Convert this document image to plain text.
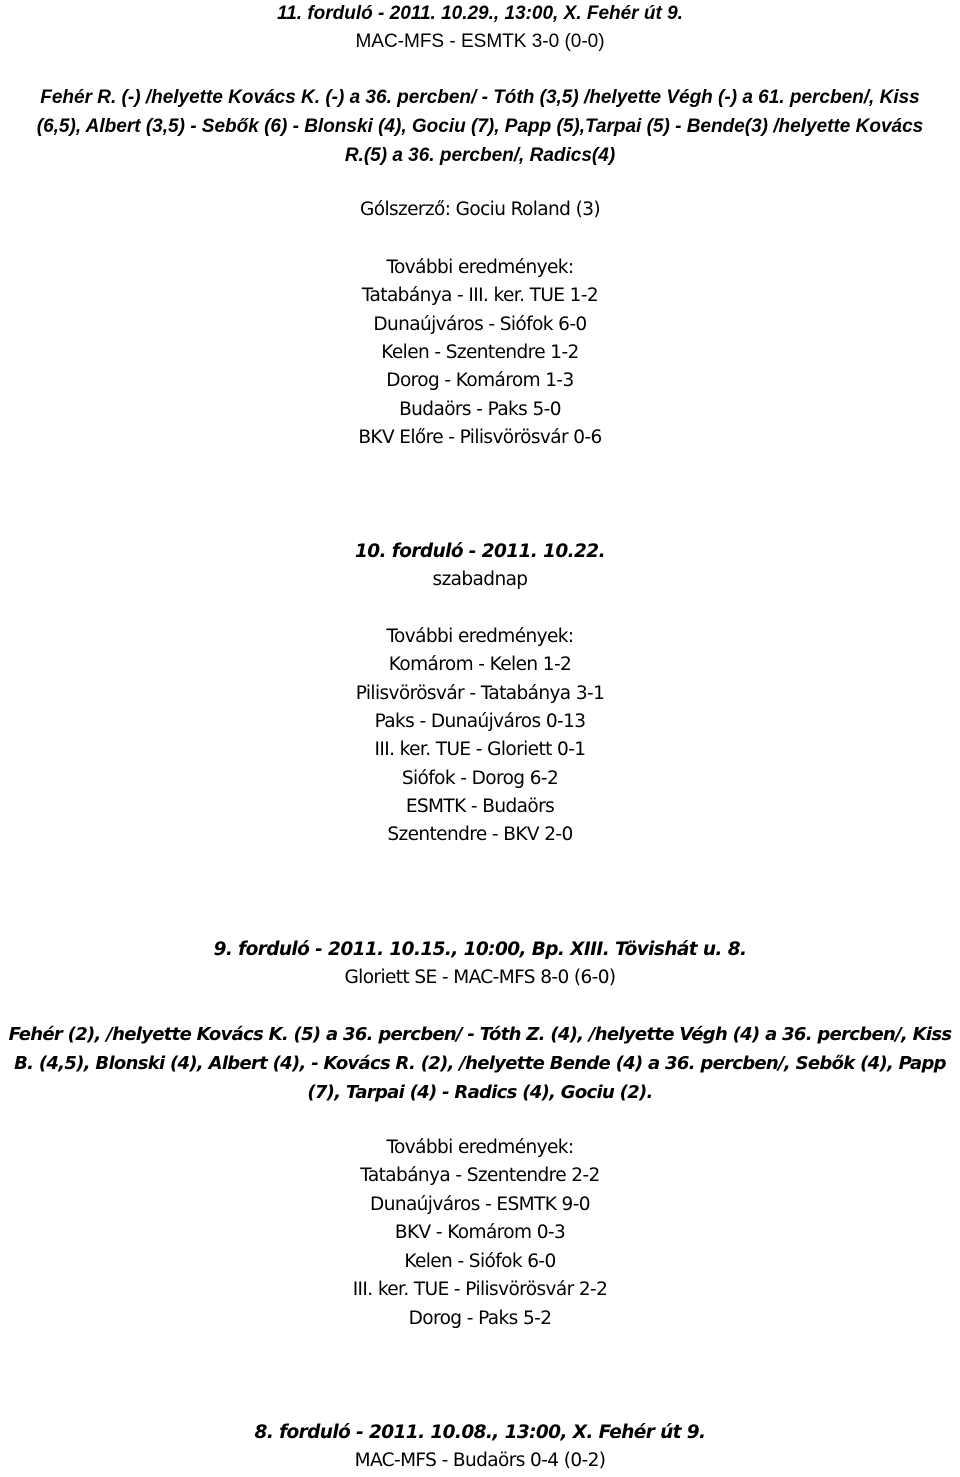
11. forduló - 2011. 10.29., 13:00, X. Fehér út 9.
MAC-MFS - ESMTK 3-0 (0-0)
Fehér R. (-) /helyette Kovács K. (-) a 36. percben/ - Tóth (3,5) /helyette Végh (-) a 61. percben/, Kiss
(6,5), Albert (3,5) - Sebők (6) - Blonski (4), Gociu (7), Papp (5),Tarpai (5) - Bende(3) /helyette Kovács
R.(5) a 36. percben/, Radics(4)
Gólszerző: Gociu Roland (3)
További eredmények:
Tatabánya - III. ker. TUE 1-2
Dunaújváros - Siófok 6-0
Kelen - Szentendre 1-2
Dorog - Komárom 1-3
Budaörs - Paks 5-0
BKV Előre - Pilisvörösvár 0-6
10. forduló - 2011. 10.22.
szabadnap
További eredmények:
Komárom - Kelen 1-2
Pilisvörösvár - Tatabánya 3-1
Paks - Dunaújváros 0-13
III. ker. TUE - Gloriett 0-1
Siófok - Dorog 6-2
ESMTK - Budaörs
Szentendre - BKV 2-0
9. forduló - 2011. 10.15., 10:00, Bp. XIII. Tövishát u. 8.
Gloriett SE - MAC-MFS 8-0 (6-0)
Fehér (2), /helyette Kovács K. (5) a 36. percben/ - Tóth Z. (4), /helyette Végh (4) a 36. percben/, Kiss
B. (4,5), Blonski (4), Albert (4), - Kovács R. (2), /helyette Bende (4) a 36. percben/, Sebők (4), Papp
(7), Tarpai (4) - Radics (4), Gociu (2).
További eredmények:
Tatabánya - Szentendre 2-2
Dunaújváros - ESMTK 9-0
BKV - Komárom 0-3
Kelen - Siófok 6-0
III. ker. TUE - Pilisvörösvár 2-2
Dorog - Paks 5-2
8. forduló - 2011. 10.08., 13:00, X. Fehér út 9.
MAC-MFS - Budaörs 0-4 (0-2)
